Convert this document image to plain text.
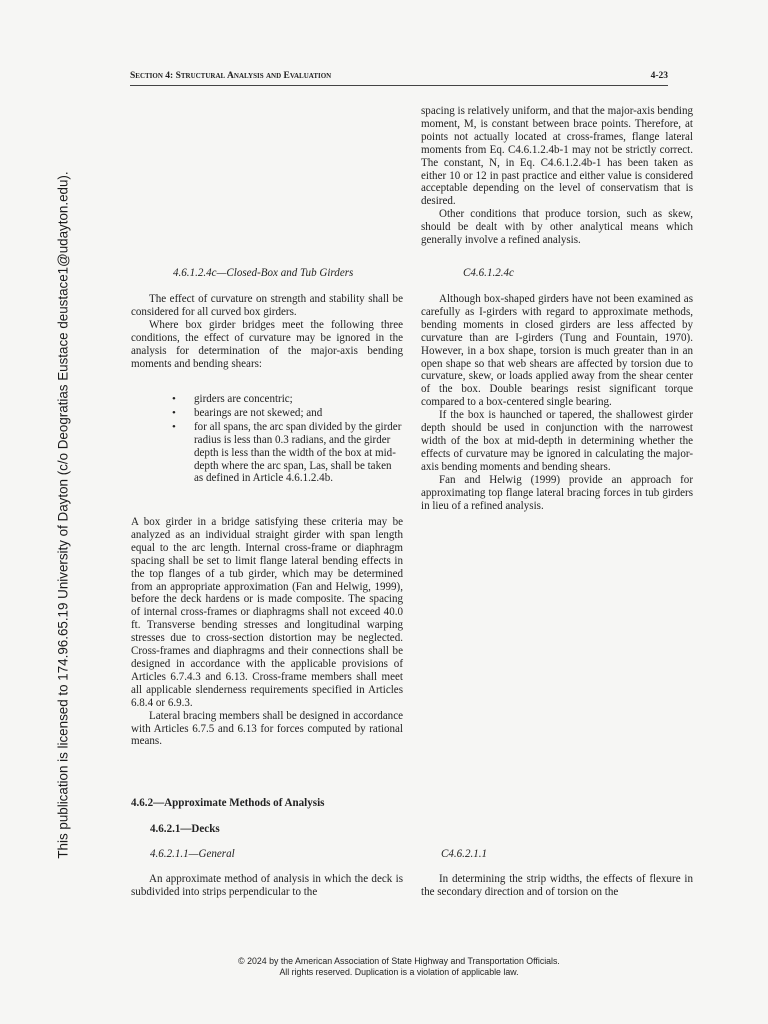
Section 4: Structural Analysis and Evaluation	4-23
This publication is licensed to 174.96.65.19 University of Dayton (c/o Deogratias Eustace deustace1@udayton.edu).

spacing is relatively uniform, and that the major-axis bending moment, M, is constant between brace points. Therefore, at points not actually located at cross-frames, flange lateral moments from Eq. C4.6.1.2.4b-1 may not be strictly correct. The constant, N, in Eq. C4.6.1.2.4b-1 has been taken as either 10 or 12 in past practice and either value is considered acceptable depending on the level of conservatism that is desired.

Other conditions that produce torsion, such as skew, should be dealt with by other analytical means which generally involve a refined analysis.

4.6.1.2.4c—Closed-Box and Tub Girders	C4.6.1.2.4c

The effect of curvature on strength and stability shall be considered for all curved box girders.

Where box girder bridges meet the following three conditions, the effect of curvature may be ignored in the analysis for determination of the major-axis bending moments and bending shears:

• girders are concentric;
• bearings are not skewed; and
• for all spans, the arc span divided by the girder radius is less than 0.3 radians, and the girder depth is less than the width of the box at mid-depth where the arc span, Las, shall be taken as defined in Article 4.6.1.2.4b.

A box girder in a bridge satisfying these criteria may be analyzed as an individual straight girder with span length equal to the arc length. Internal cross-frame or diaphragm spacing shall be set to limit flange lateral bending effects in the top flanges of a tub girder, which may be determined from an appropriate approximation (Fan and Helwig, 1999), before the deck hardens or is made composite. The spacing of internal cross-frames or diaphragms shall not exceed 40.0 ft. Transverse bending stresses and longitudinal warping stresses due to cross-section distortion may be neglected. Cross-frames and diaphragms and their connections shall be designed in accordance with the applicable provisions of Articles 6.7.4.3 and 6.13. Cross-frame members shall meet all applicable slenderness requirements specified in Articles 6.8.4 or 6.9.3.

Lateral bracing members shall be designed in accordance with Articles 6.7.5 and 6.13 for forces computed by rational means.

Although box-shaped girders have not been examined as carefully as I-girders with regard to approximate methods, bending moments in closed girders are less affected by curvature than are I-girders (Tung and Fountain, 1970). However, in a box shape, torsion is much greater than in an open shape so that web shears are affected by torsion due to curvature, skew, or loads applied away from the shear center of the box. Double bearings resist significant torque compared to a box-centered single bearing.

If the box is haunched or tapered, the shallowest girder depth should be used in conjunction with the narrowest width of the box at mid-depth in determining whether the effects of curvature may be ignored in calculating the major-axis bending moments and bending shears.

Fan and Helwig (1999) provide an approach for approximating top flange lateral bracing forces in tub girders in lieu of a refined analysis.

4.6.2—Approximate Methods of Analysis
4.6.2.1—Decks
4.6.2.1.1—General	C4.6.2.1.1

An approximate method of analysis in which the deck is subdivided into strips perpendicular to the

In determining the strip widths, the effects of flexure in the secondary direction and of torsion on the

© 2024 by the American Association of State Highway and Transportation Officials.
All rights reserved. Duplication is a violation of applicable law.
